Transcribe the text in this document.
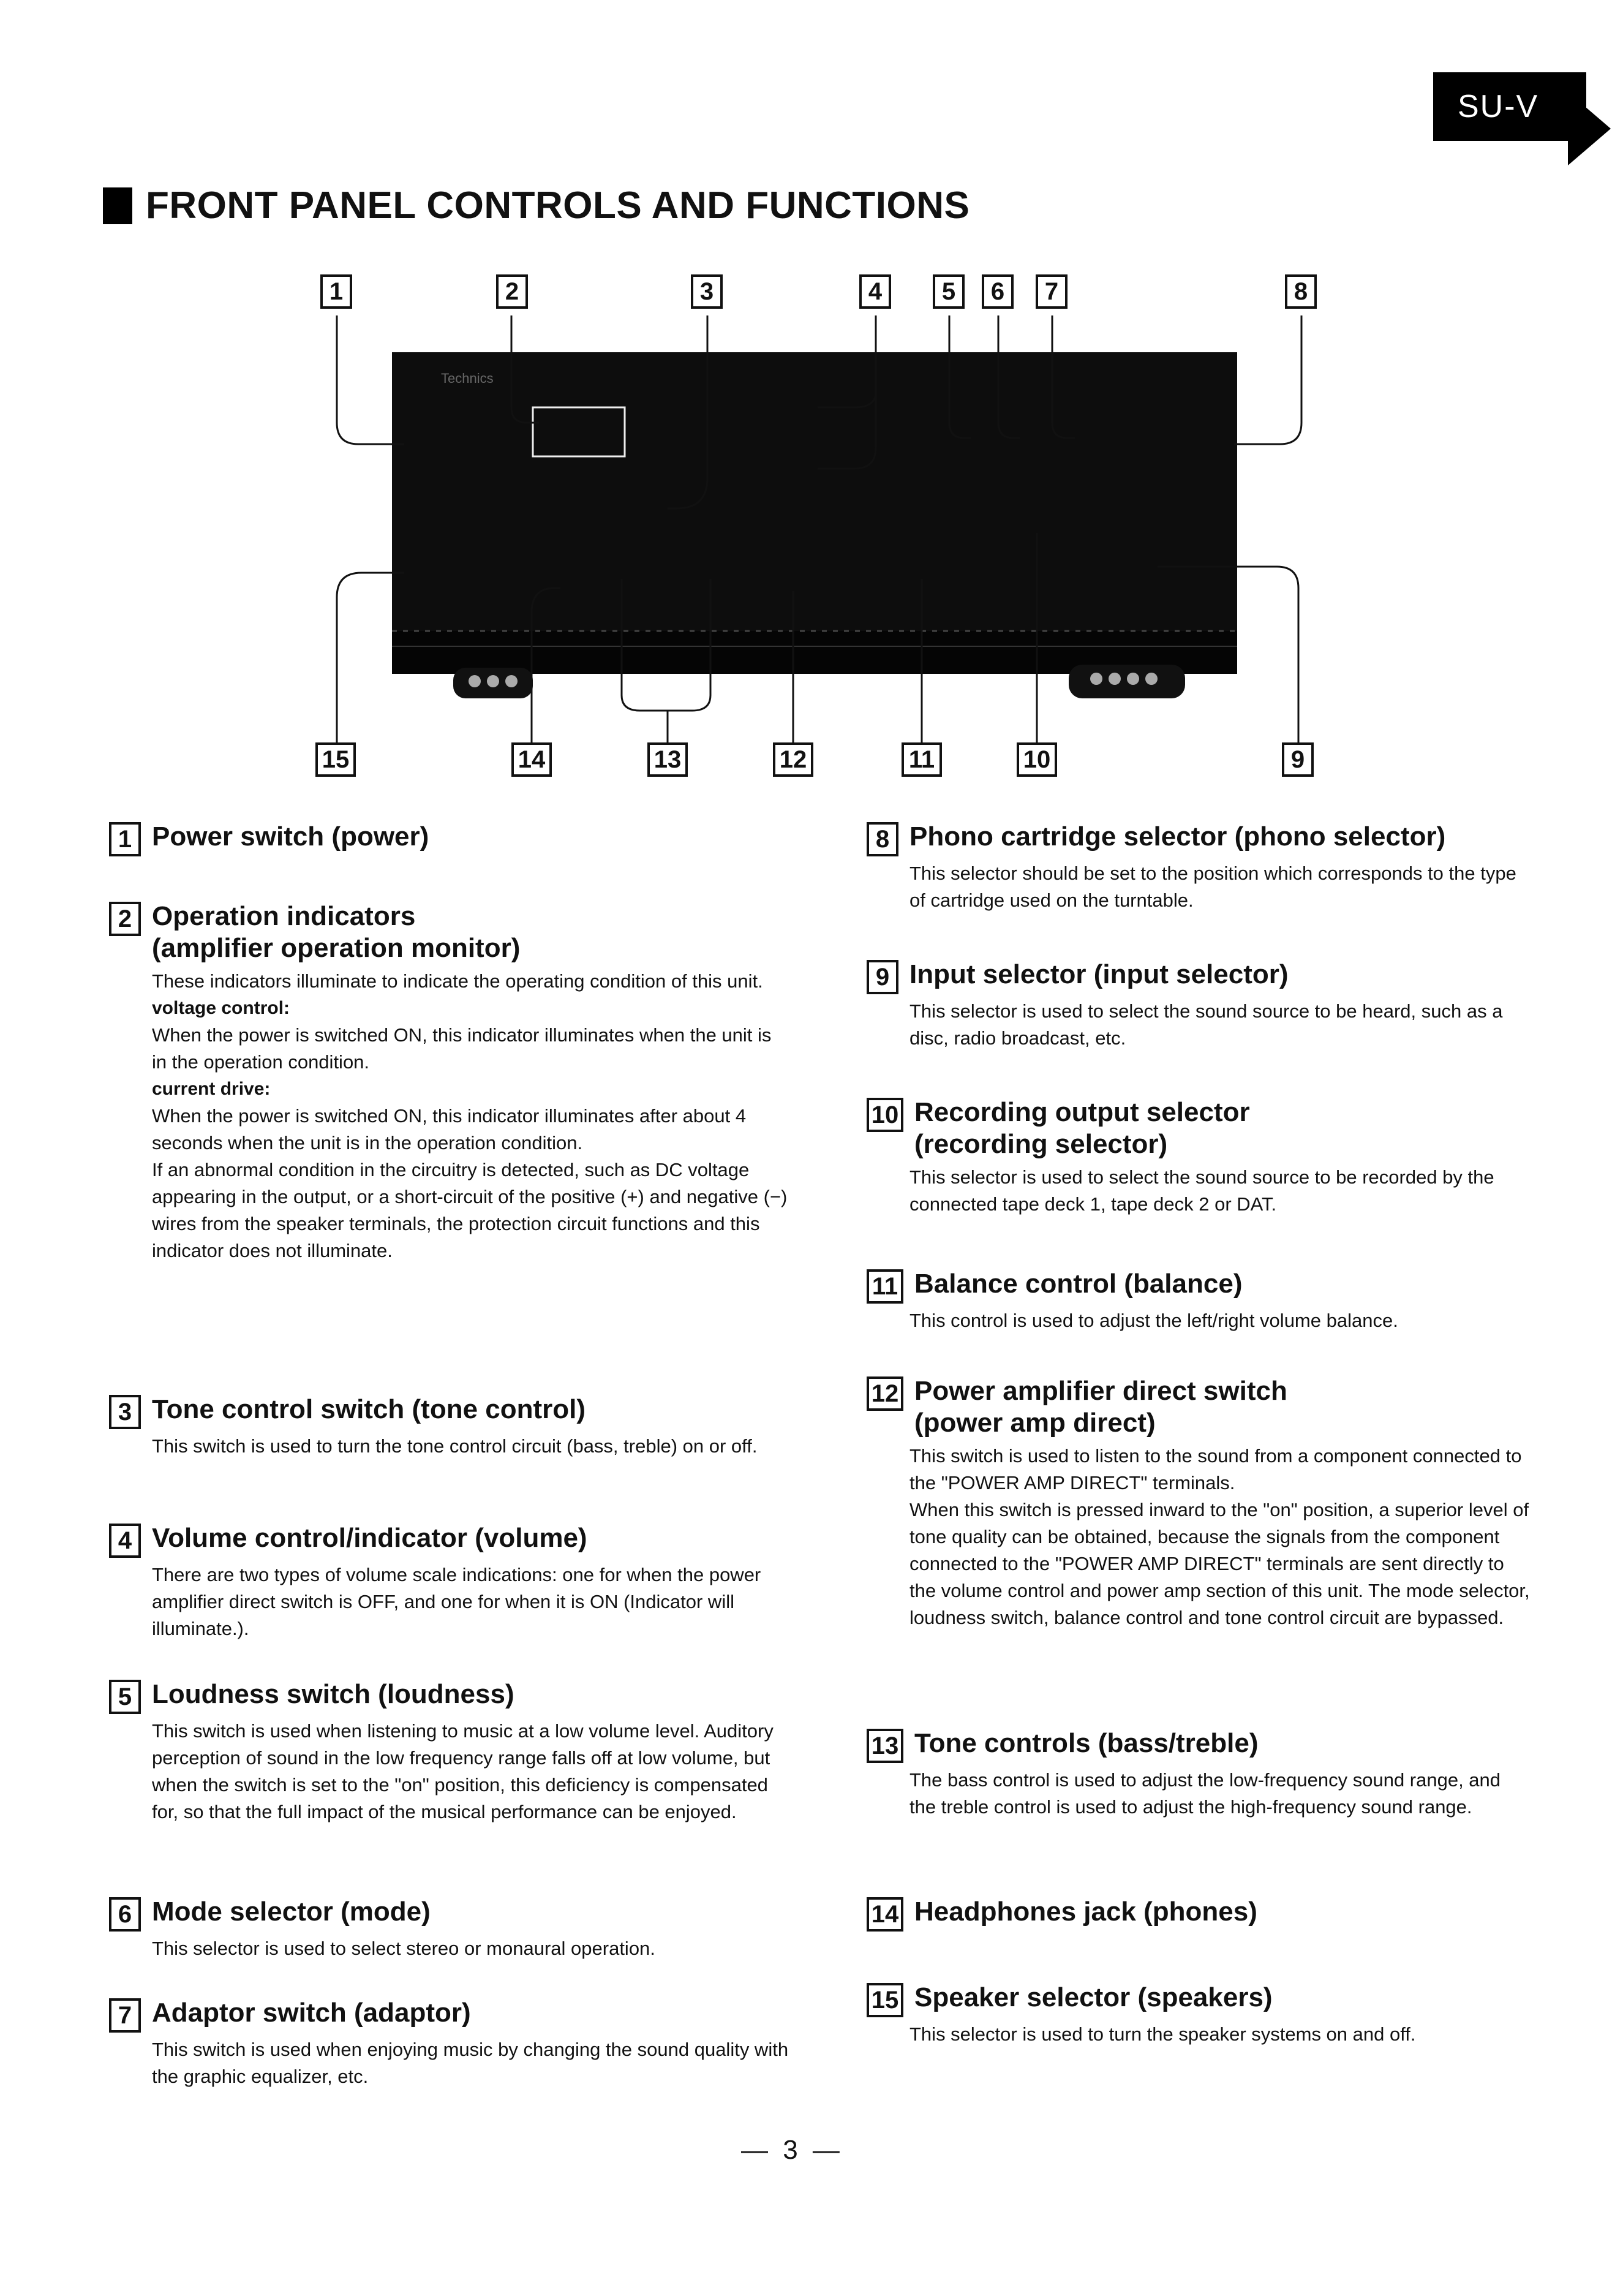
SU-V
FRONT PANEL CONTROLS AND FUNCTIONS
Technics
1	2	3	4	5	6	7	8
15	14	13	12	11	10	9
1 Power switch (power)
2 Operation indicators
(amplifier operation monitor)

These indicators illuminate to indicate the operating condition of this unit.

voltage control:

When the power is switched ON, this indicator illuminates when the unit is in the operation condition.

current drive:

When the power is switched ON, this indicator illuminates after about 4 seconds when the unit is in the operation condition.

If an abnormal condition in the circuitry is detected, such as DC voltage appearing in the output, or a short-circuit of the positive (+) and negative (−) wires from the speaker terminals, the protection circuit functions and this indicator does not illuminate.

3 Tone control switch (tone control)

This switch is used to turn the tone control circuit (bass, treble) on or off.

4 Volume control/indicator (volume)

There are two types of volume scale indications: one for when the power amplifier direct switch is OFF, and one for when it is ON (Indicator will illuminate.).

5 Loudness switch (loudness)

This switch is used when listening to music at a low volume level. Auditory perception of sound in the low frequency range falls off at low volume, but when the switch is set to the "on" position, this deficiency is compensated for, so that the full impact of the musical performance can be enjoyed.

6 Mode selector (mode)

This selector is used to select stereo or monaural operation.

7 Adaptor switch (adaptor)

This switch is used when enjoying music by changing the sound quality with the graphic equalizer, etc.

8 Phono cartridge selector (phono selector)

This selector should be set to the position which corresponds to the type of cartridge used on the turntable.

9 Input selector (input selector)

This selector is used to select the sound source to be heard, such as a disc, radio broadcast, etc.

10 Recording output selector
(recording selector)

This selector is used to select the sound source to be recorded by the connected tape deck 1, tape deck 2 or DAT.

11 Balance control (balance)

This control is used to adjust the left/right volume balance.

12 Power amplifier direct switch
(power amp direct)

This switch is used to listen to the sound from a component connected to the "POWER AMP DIRECT" terminals.

When this switch is pressed inward to the "on" position, a superior level of tone quality can be obtained, because the signals from the component connected to the "POWER AMP DIRECT" terminals are sent directly to the volume control and power amp section of this unit. The mode selector, loudness switch, balance control and tone control circuit are bypassed.

13 Tone controls (bass/treble)

The bass control is used to adjust the low-frequency sound range, and the treble control is used to adjust the high-frequency sound range.

14 Headphones jack (phones)
15 Speaker selector (speakers)

This selector is used to turn the speaker systems on and off.

— 3 —
